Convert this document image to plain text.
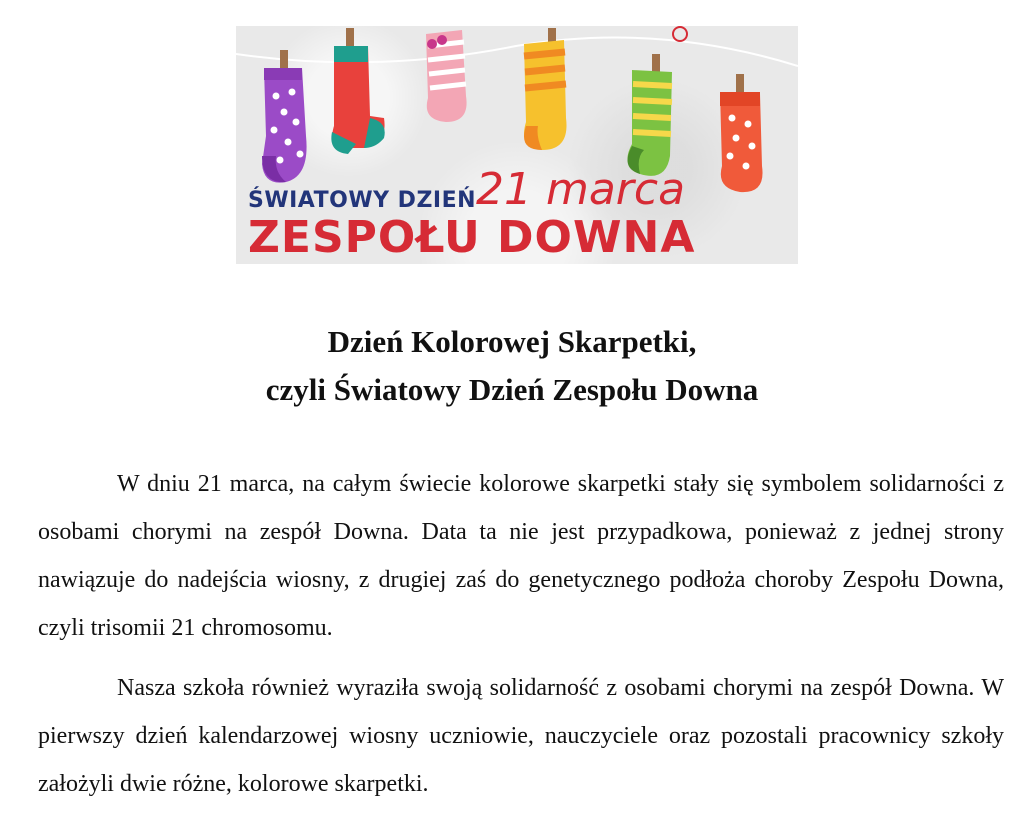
ŚWIATOWY DZIEŃ 21 marca
ZESPOŁU DOWNA
Dzień Kolorowej Skarpetki,
czyli Światowy Dzień Zespołu Downa

W dniu 21 marca, na całym świecie kolorowe skarpetki stały się symbolem solidarności z osobami chorymi na zespół Downa. Data ta nie jest przypadkowa, ponieważ z jednej strony nawiązuje do nadejścia wiosny, z drugiej zaś do genetycznego podłoża choroby Zespołu Downa, czyli trisomii 21 chromosomu.

Nasza szkoła również wyraziła swoją solidarność z osobami chorymi na zespół Downa. W pierwszy dzień kalendarzowej wiosny uczniowie, nauczyciele oraz pozostali pracownicy szkoły założyli dwie różne, kolorowe skarpetki.
